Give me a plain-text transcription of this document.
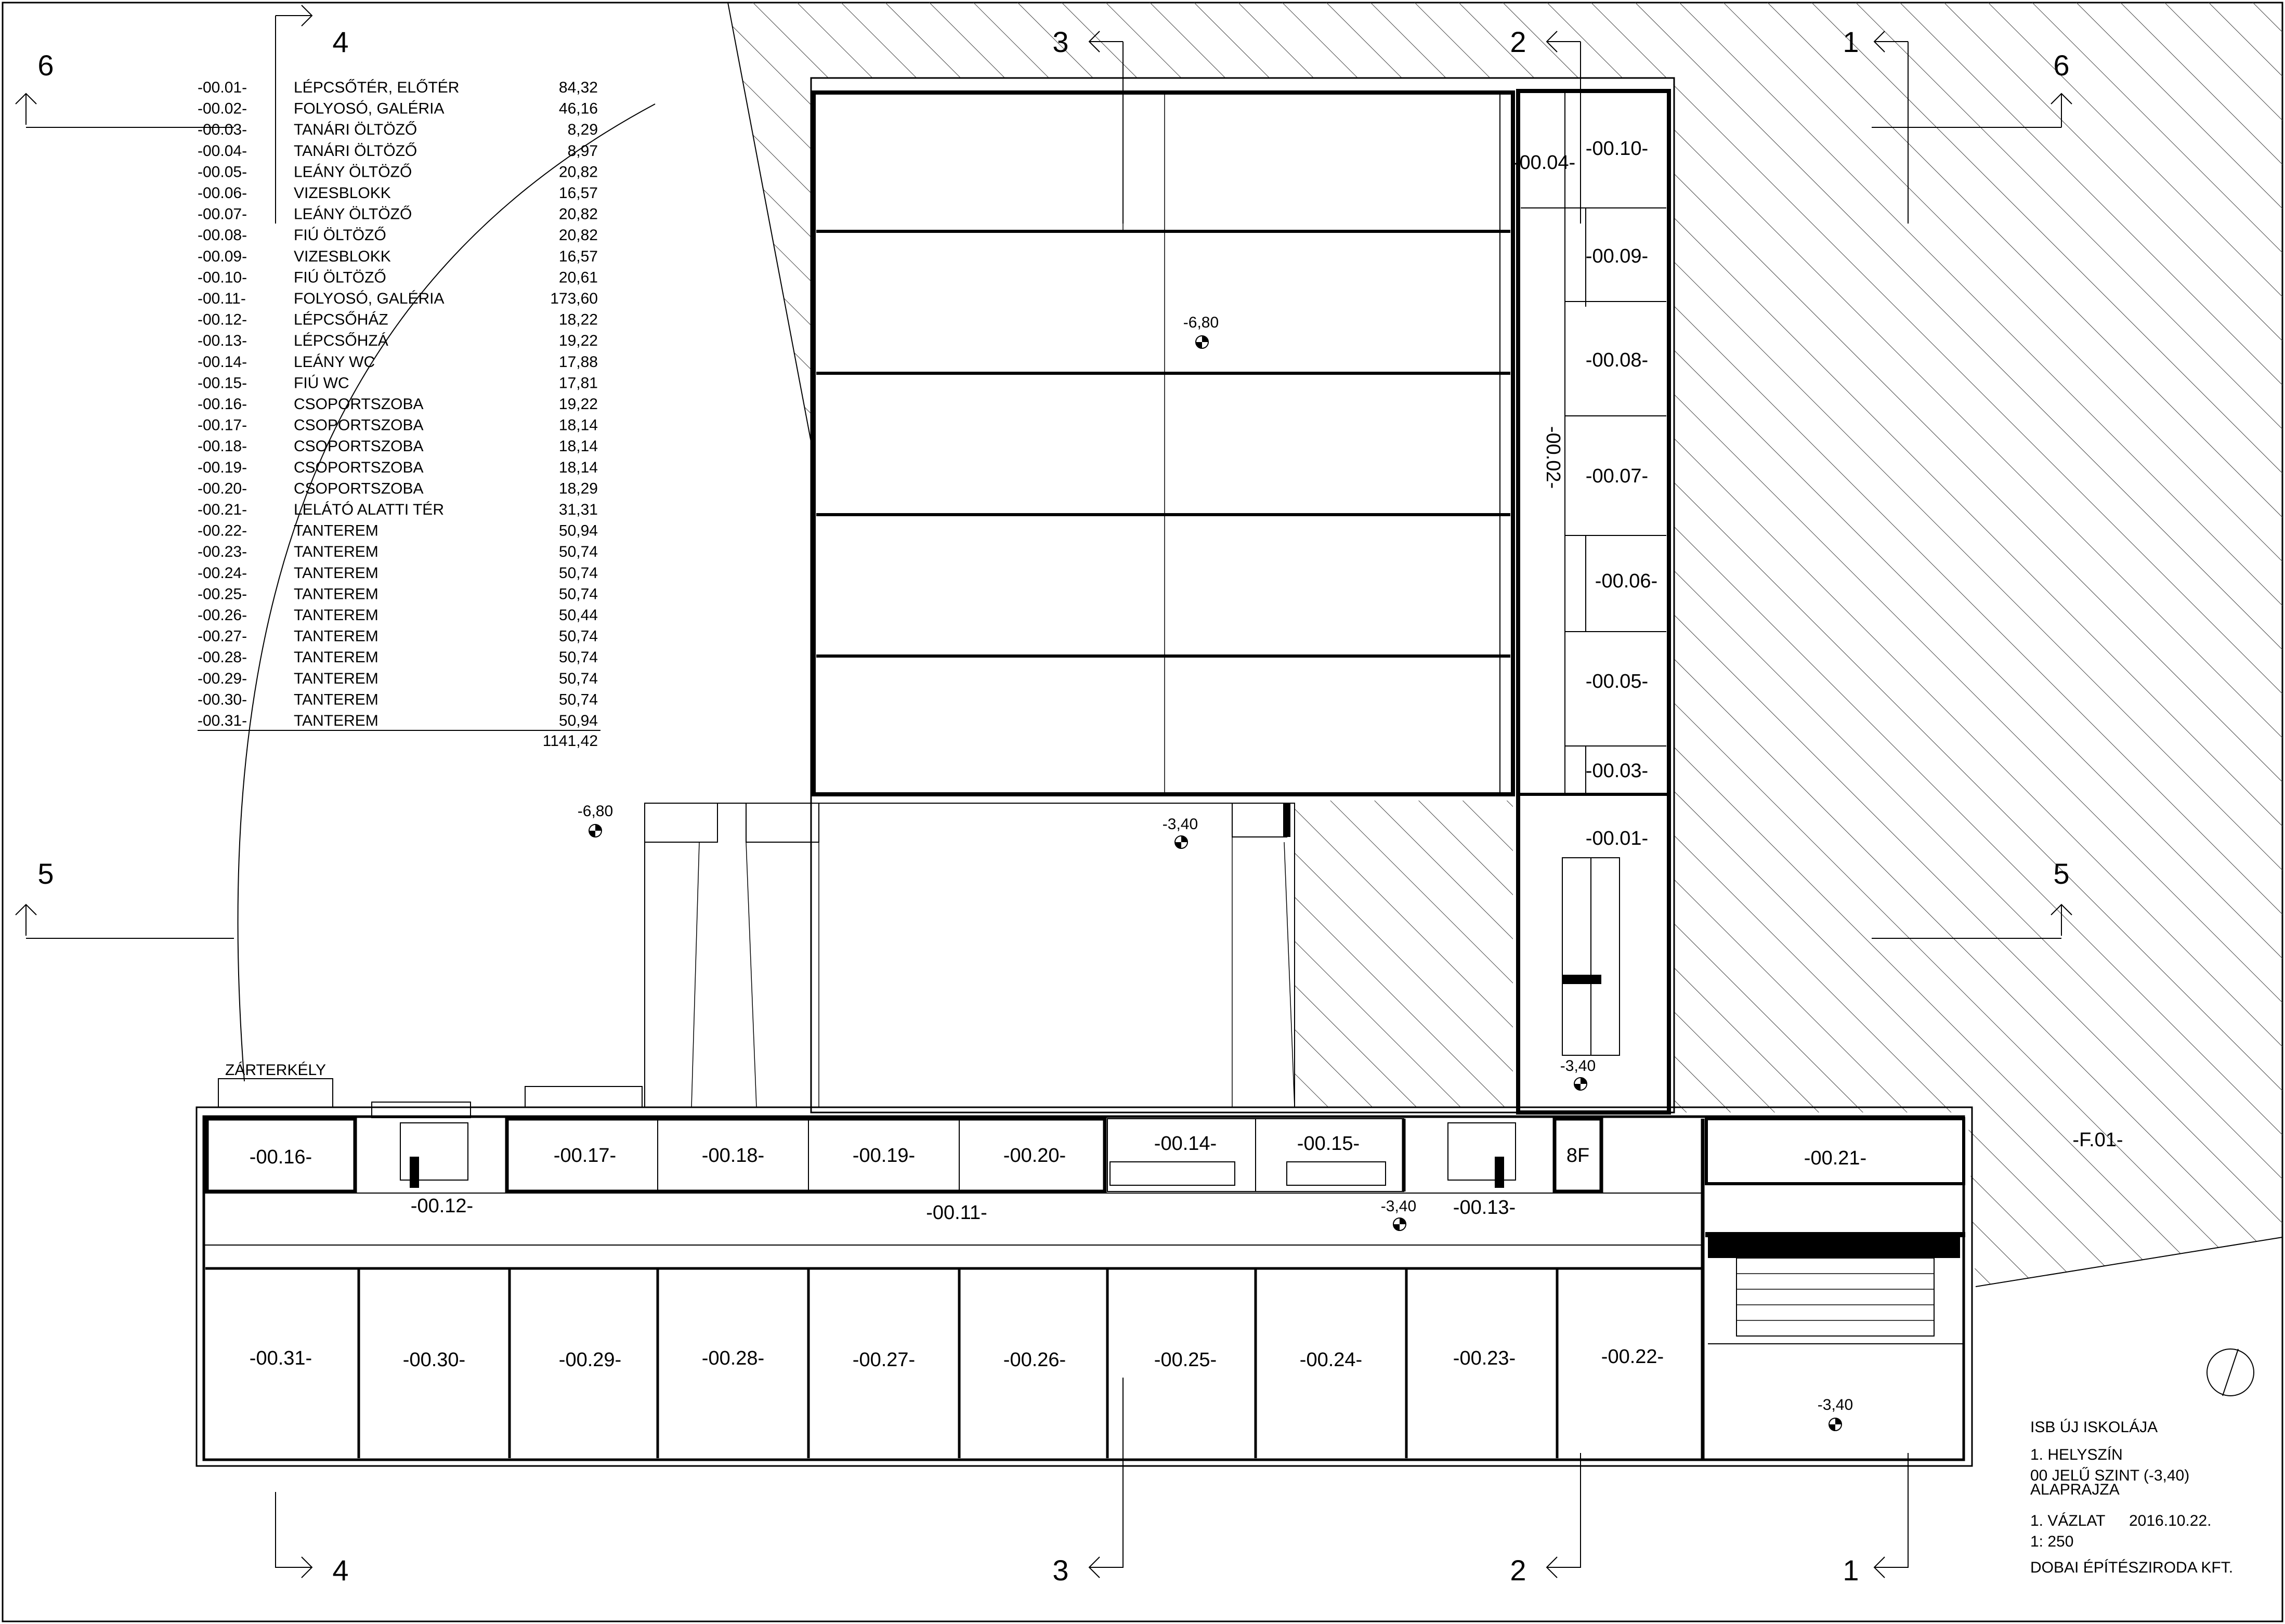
-00.01-	LÉPCSŐTÉR, ELŐTÉR	84,32
-00.02-	FOLYOSÓ, GALÉRIA	46,16
-00.03-	TANÁRI ÖLTÖZŐ	8,29
-00.04-	TANÁRI ÖLTÖZŐ	8,97
-00.05-	LEÁNY ÖLTÖZŐ	20,82
-00.06-	VIZESBLOKK	16,57
-00.07-	LEÁNY ÖLTÖZŐ	20,82
-00.08-	FIÚ ÖLTÖZŐ	20,82
-00.09-	VIZESBLOKK	16,57
-00.10-	FIÚ ÖLTÖZŐ	20,61
-00.11-	FOLYOSÓ, GALÉRIA	173,60
-00.12-	LÉPCSŐHÁZ	18,22
-00.13-	LÉPCSŐHZÁ	19,22
-00.14-	LEÁNY WC	17,88
-00.15-	FIÚ WC	17,81
-00.16-	CSOPORTSZOBA	19,22
-00.17-	CSOPORTSZOBA	18,14
-00.18-	CSOPORTSZOBA	18,14
-00.19-	CSOPORTSZOBA	18,14
-00.20-	CSOPORTSZOBA	18,29
-00.21-	LELÁTÓ ALATTI TÉR	31,31
-00.22-	TANTEREM	50,94
-00.23-	TANTEREM	50,74
-00.24-	TANTEREM	50,74
-00.25-	TANTEREM	50,74
-00.26-	TANTEREM	50,44
-00.27-	TANTEREM	50,74
-00.28-	TANTEREM	50,74
-00.29-	TANTEREM	50,74
-00.30-	TANTEREM	50,74
-00.31-	TANTEREM	50,94
1141,42
-00.10-
-00.04-
-00.09-
-00.08-
-00.07-
-00.06-
-00.05-
-00.03-
-00.01-
-00.02-
-00.16-
-00.12-
-00.17-	-00.18-	-00.19-	-00.20-
-00.14-	-00.15-
-00.13-
8F	-00.21-
-00.11-
-00.31-	-00.30-	-00.29-	-00.28-	-00.27-	-00.26-	-00.25-	-00.24-	-00.23-	-00.22-
-F.01-
-6,80
-6,80
-3,40
-3,40
-3,40
-3,40
ZÁRTERKÉLY
6	6
5	5
4
4
3
3
2
2
1
1
ISB ÚJ ISKOLÁJA
1. HELYSZÍN
00 JELŰ SZINT (-3,40)
ALAPRAJZA
1. VÁZLAT 2016.10.22.
1: 250
DOBAI ÉPÍTÉSZIRODA KFT.
